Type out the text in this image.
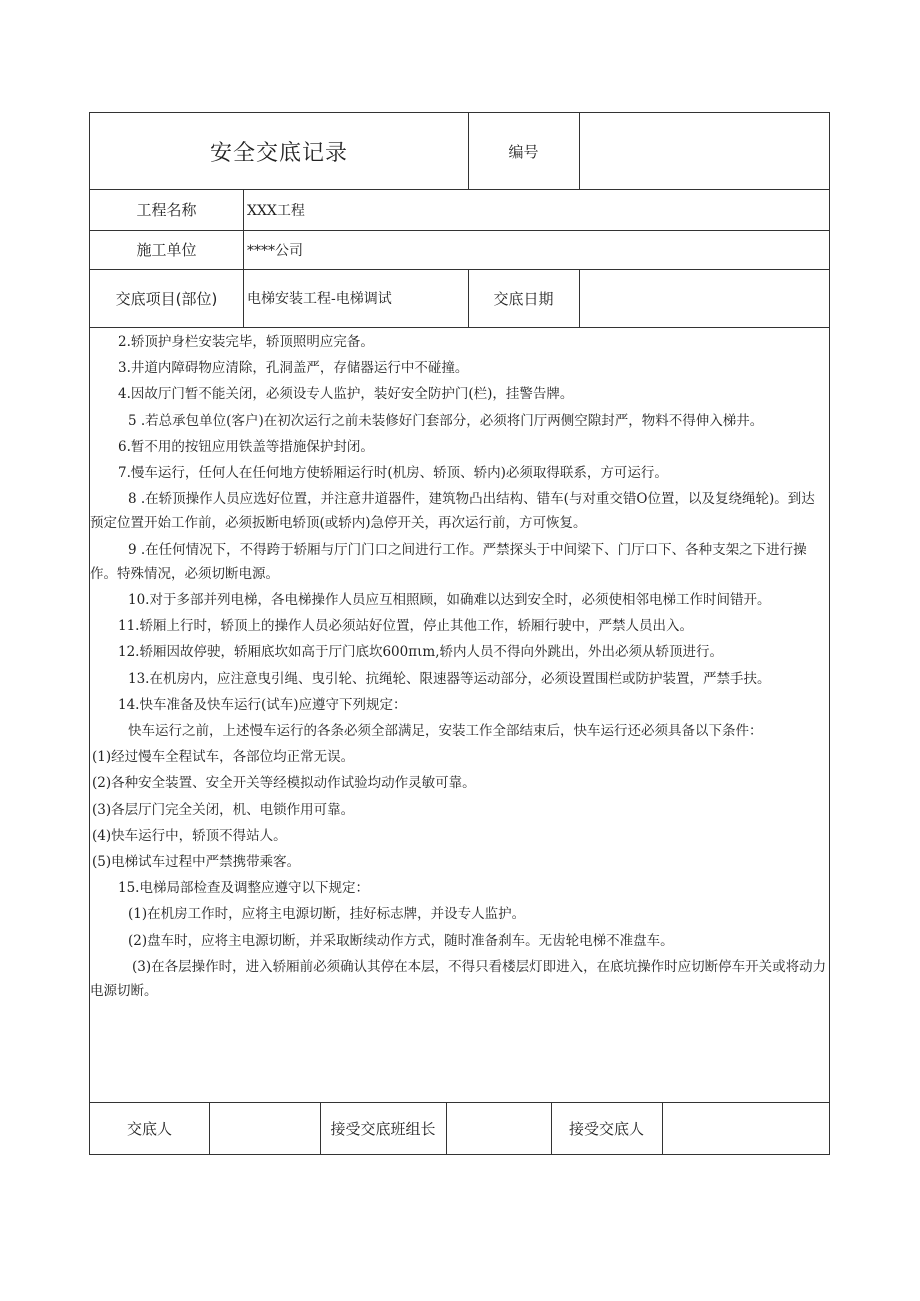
安全交底记录	编号
工程名称	XXX工程
施工单位	****公司
交底项目(部位)	电梯安装工程-电梯调试	交底日期

2.轿顶护身栏安装完毕，轿顶照明应完备。

3.井道内障碍物应清除，孔洞盖严，存储器运行中不碰撞。

4.因故厅门暂不能关闭，必须设专人监护，装好安全防护门(栏)，挂警告牌。

5 .若总承包单位(客户)在初次运行之前未装修好门套部分，必须将门厅两侧空隙封严，物料不得伸入梯井。

6.暂不用的按钮应用铁盖等措施保护封闭。

7.慢车运行，任何人在任何地方使轿厢运行时(机房、轿顶、轿内)必须取得联系，方可运行。

8 .在轿顶操作人员应选好位置，并注意井道器件，建筑物凸出结构、错车(与对重交错O位置，以及复绕绳轮)。到达预定位置开始工作前，必须扳断电轿顶(或轿内)急停开关，再次运行前，方可恢复。

9 .在任何情况下，不得跨于轿厢与厅门门口之间进行工作。严禁探头于中间梁下、门厅口下、各种支架之下进行操作。特殊情况，必须切断电源。

10.对于多部并列电梯，各电梯操作人员应互相照顾，如确难以达到安全时，必须使相邻电梯工作时间错开。

11.轿厢上行时，轿顶上的操作人员必须站好位置，停止其他工作，轿厢行驶中，严禁人员出入。

12.轿厢因故停驶，轿厢底坎如高于厅门底坎600πιm,轿内人员不得向外跳出，外出必须从轿顶进行。

13.在机房内，应注意曳引绳、曳引轮、抗绳轮、限速器等运动部分，必须设置围栏或防护装置，严禁手扶。

14.快车准备及快车运行(试车)应遵守下列规定：

快车运行之前，上述慢车运行的各条必须全部满足，安装工作全部结束后，快车运行还必须具备以下条件：

(1)经过慢车全程试车，各部位均正常无误。

(2)各种安全装置、安全开关等经模拟动作试验均动作灵敏可靠。

(3)各层厅门完全关闭，机、电锁作用可靠。

(4)快车运行中，轿顶不得站人。

(5)电梯试车过程中严禁携带乘客。

15.电梯局部检查及调整应遵守以下规定：

(1)在机房工作时，应将主电源切断，挂好标志牌，并设专人监护。

(2)盘车时，应将主电源切断，并采取断续动作方式，随时准备刹车。无齿轮电梯不准盘车。

(3)在各层操作时，进入轿厢前必须确认其停在本层，不得只看楼层灯即进入，在底坑操作时应切断停车开关或将动力电源切断。

交底人	接受交底班组长	接受交底人
